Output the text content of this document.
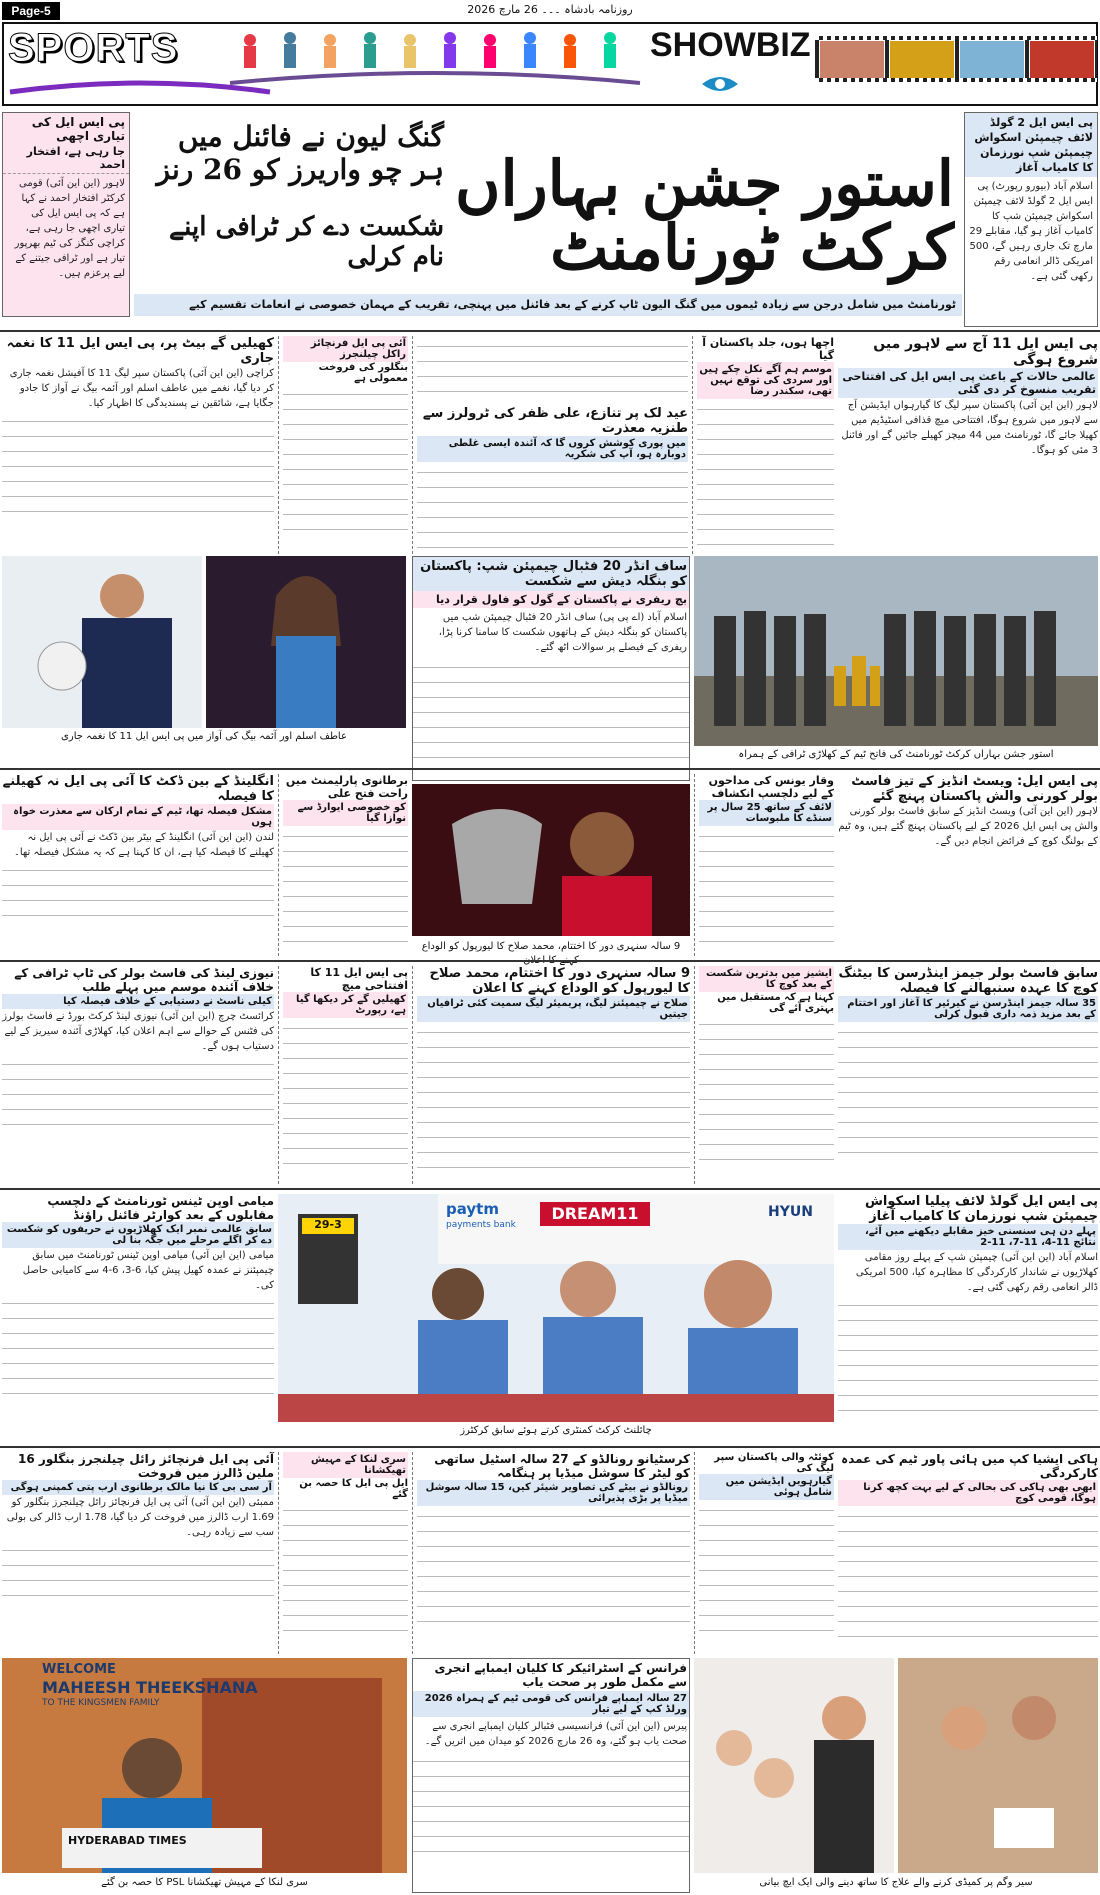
Page-5	روزنامہ بادشاہ ۔۔۔ 26 مارچ 2026
SPORTS	SHOWBIZ
پی ایس ایل کی تیاری اچھی
جا رہی ہے، افتخار احمد
لاہور (این این آئی) قومی کرکٹر افتخار احمد نے کہا ہے کہ پی ایس ایل کی تیاری اچھی جا رہی ہے، کراچی کنگز کی ٹیم بھرپور تیار ہے اور ٹرافی جیتنے کے لیے پرعزم ہیں۔
استور جشن بہاراں کرکٹ ٹورنامنٹ
گنگ لیون نے فائنل میں ہر چو واریرز کو 26 رنز
شکست دے کر ٹرافی اپنے نام کرلی
ٹورنامنٹ میں شامل درجن سے زیادہ ٹیموں میں گنگ الیون ٹاپ کرنے کے بعد فائنل میں پہنچی، تقریب کے مہمان خصوصی نے انعامات تقسیم کیے
پی ایس ایل 2 گولڈ لائف چیمپئن اسکواش چیمپئن شپ نورزمان کا کامیاب آغاز
اسلام آباد (بیورو رپورٹ) پی ایس ایل 2 گولڈ لائف چیمپئن اسکواش چیمپئن شپ کا کامیاب آغاز ہو گیا، مقابلے 29 مارچ تک جاری رہیں گے، 500 امریکی ڈالر انعامی رقم رکھی گئی ہے۔
پی ایس ایل 11 آج سے لاہور میں شروع ہوگی
عالمی حالات کے باعث پی ایس ایل کی افتتاحی تقریب منسوخ کر دی گئی
لاہور (این این آئی) پاکستان سپر لیگ کا گیارہواں ایڈیشن آج سے لاہور میں شروع ہوگا، افتتاحی میچ قذافی اسٹیڈیم میں کھیلا جائے گا، ٹورنامنٹ میں 44 میچز کھیلے جائیں گے اور فائنل 3 مئی کو ہوگا۔
اچھا ہوں، جلد پاکستان آ گیا
موسم ہم آگے نکل چکے ہیں اور سردی کی توقع نہیں تھی، سکندر رضا
عید لک پر تنازع، علی ظفر کی ٹرولرز سے طنزیہ معذرت
میں پوری کوشش کروں گا کہ آئندہ ایسی غلطی دوبارہ ہو، آپ کی شکریہ
آئی پی ایل فرنچائز راکل چیلنجرز
بنگلور کی فروخت معمولی ہے
کھیلیں گے بیٹ پر، پی ایس ایل 11 کا نغمہ جاری
کراچی (این این آئی) پاکستان سپر لیگ 11 کا آفیشل نغمہ جاری کر دیا گیا، نغمے میں عاطف اسلم اور آئمہ بیگ نے آواز کا جادو جگایا ہے، شائقین نے پسندیدگی کا اظہار کیا۔
عاطف اسلم اور آئمہ بیگ کی آواز میں پی ایس ایل 11 کا نغمہ جاری
ساف انڈر 20 فٹبال چیمپئن شپ: پاکستان کو بنگلہ دیش سے شکست
بچ ریفری نے پاکستان کے گول کو فاول قرار دیا
اسلام آباد (اے پی پی) ساف انڈر 20 فٹبال چیمپئن شپ میں پاکستان کو بنگلہ دیش کے ہاتھوں شکست کا سامنا کرنا پڑا، ریفری کے فیصلے پر سوالات اٹھ گئے۔
استور جشن بہاراں کرکٹ ٹورنامنٹ کی فاتح ٹیم کے کھلاڑی ٹرافی کے ہمراہ
پی ایس ایل: ویسٹ انڈیز کے تیز فاسٹ بولر کورنی والش پاکستان پہنچ گئے
لاہور (این این آئی) ویسٹ انڈیز کے سابق فاسٹ بولر کورنی والش پی ایس ایل 2026 کے لیے پاکستان پہنچ گئے ہیں، وہ ٹیم کے بولنگ کوچ کے فرائض انجام دیں گے۔
وقار یونس کی مداحوں کے لیے دلچسپ انکشاف
لائف کے ساتھ 25 سال پر سنڈے کا ملبوسات
9 سالہ سنہری دور کا اختتام، محمد صلاح کا لیورپول کو الوداع کہنے کا اعلان
برطانوی پارلیمنٹ میں راحت فتح علی
کو خصوصی ایوارڈ سے نوازا گیا
انگلینڈ کے بین ڈکٹ کا آئی پی ایل نہ کھیلنے کا فیصلہ
مشکل فیصلہ تھا، ٹیم کے تمام ارکان سے معذرت خواہ ہوں
لندن (این این آئی) انگلینڈ کے بیٹر بین ڈکٹ نے آئی پی ایل نہ کھیلنے کا فیصلہ کیا ہے، ان کا کہنا ہے کہ یہ مشکل فیصلہ تھا۔
سابق فاسٹ بولر جیمز اینڈرسن کا بیٹنگ کوچ کا عہدہ سنبھالنے کا فیصلہ
35 سالہ جیمز اینڈرسن نے کیرئیر کا آغاز اور اختتام کے بعد مزید ذمہ داری قبول کرلی
ایشیز میں بدترین شکست کے بعد کوچ کا
کہنا ہے کہ مستقبل میں بہتری آئے گی
9 سالہ سنہری دور کا اختتام، محمد صلاح کا لیورپول کو الوداع کہنے کا اعلان
صلاح نے چیمپئنز لیگ، پریمیئر لیگ سمیت کئی ٹرافیاں جیتیں
پی ایس ایل 11 کا افتتاحی میچ
کھیلیں گے کر دیکھا گیا ہے، رپورٹ
نیوزی لینڈ کی فاسٹ بولر کی ٹاپ ٹرافی کے خلاف آئندہ موسم میں پہلے طلب
کیلی ناسٹ نے دستیابی کے خلاف فیصلہ کیا
کرائسٹ چرچ (این این آئی) نیوزی لینڈ کرکٹ بورڈ نے فاسٹ بولرز کی فٹنس کے حوالے سے اہم اعلان کیا، کھلاڑی آئندہ سیریز کے لیے دستیاب ہوں گے۔
پی ایس ایل گولڈ لائف پیلیا اسکواش چیمپئن شپ نورزمان کا کامیاب آغاز
پہلے دن ہی سنسنی خیز مقابلے دیکھنے میں آئے، نتائج 11-4، 11-7، 11-2
اسلام آباد (این این آئی) چیمپئن شپ کے پہلے روز مقامی کھلاڑیوں نے شاندار کارکردگی کا مظاہرہ کیا، 500 امریکی ڈالر انعامی رقم رکھی گئی ہے۔
paytm
payments bank
DREAM11	HYUN
29-3
چائلنٹ کرکٹ کمنٹری کرتے ہوئے سابق کرکٹرز
میامی اوپن ٹینس ٹورنامنٹ کے دلچسپ مقابلوں کے بعد کوارٹر فائنل راؤنڈ
سابق عالمی نمبر ایک کھلاڑیوں نے حریفوں کو شکست دے کر اگلے مرحلے میں جگہ بنا لی
میامی (این این آئی) میامی اوپن ٹینس ٹورنامنٹ میں سابق چیمپئنز نے عمدہ کھیل پیش کیا، 6-3، 6-4 سے کامیابی حاصل کی۔
ہاکی ایشیا کپ میں ہائی پاور ٹیم کی عمدہ کارکردگی
ابھی بھی ہاکی کی بحالی کے لیے بہت کچھ کرنا ہوگا، قومی کوچ
کوئٹہ والی پاکستان سپر لیگ کی
گیارہویں ایڈیشن میں شامل ہوئی
کرسٹیانو رونالڈو کے 27 سالہ اسٹیل ساتھی کو لیٹر کا سوشل میڈیا پر ہنگامہ
رونالڈو نے بیٹے کی تصاویر شیئر کیں، 15 سالہ سوشل میڈیا پر بڑی پذیرائی
سری لنکا کے مہیش تھیکشانا
ایل پی ایل کا حصہ بن گئے
آئی پی ایل فرنچائز رائل چیلنجرز بنگلور 16 ملین ڈالرز میں فروخت
آر سی بی کا نیا مالک برطانوی ارب پتی کمپنی ہوگی
ممبئی (این این آئی) آئی پی ایل فرنچائز رائل چیلنجرز بنگلور کو 1.69 ارب ڈالرز میں فروخت کر دیا گیا، 1.78 ارب ڈالر کی بولی سب سے زیادہ رہی۔
WELCOME
MAHEESH THEEKSHANA
TO THE KINGSMEN FAMILY
HYDERABAD TIMES
سری لنکا کے مہیش تھیکشانا PSL کا حصہ بن گئے
فرانس کے اسٹرائیکر کا کلیان ایمباپے انجری سے مکمل طور پر صحت یاب
27 سالہ ایمباپے فرانس کی قومی ٹیم کے ہمراہ 2026 ورلڈ کپ کے لیے تیار
پیرس (این این آئی) فرانسیسی فٹبالر کلیان ایمباپے انجری سے صحت یاب ہو گئے، وہ 26 مارچ 2026 کو میدان میں اتریں گے۔
سیر وگم پر کمیڈی کرنے والے علاج کا ساتھ دینے والی ایک ایچ بیانی
